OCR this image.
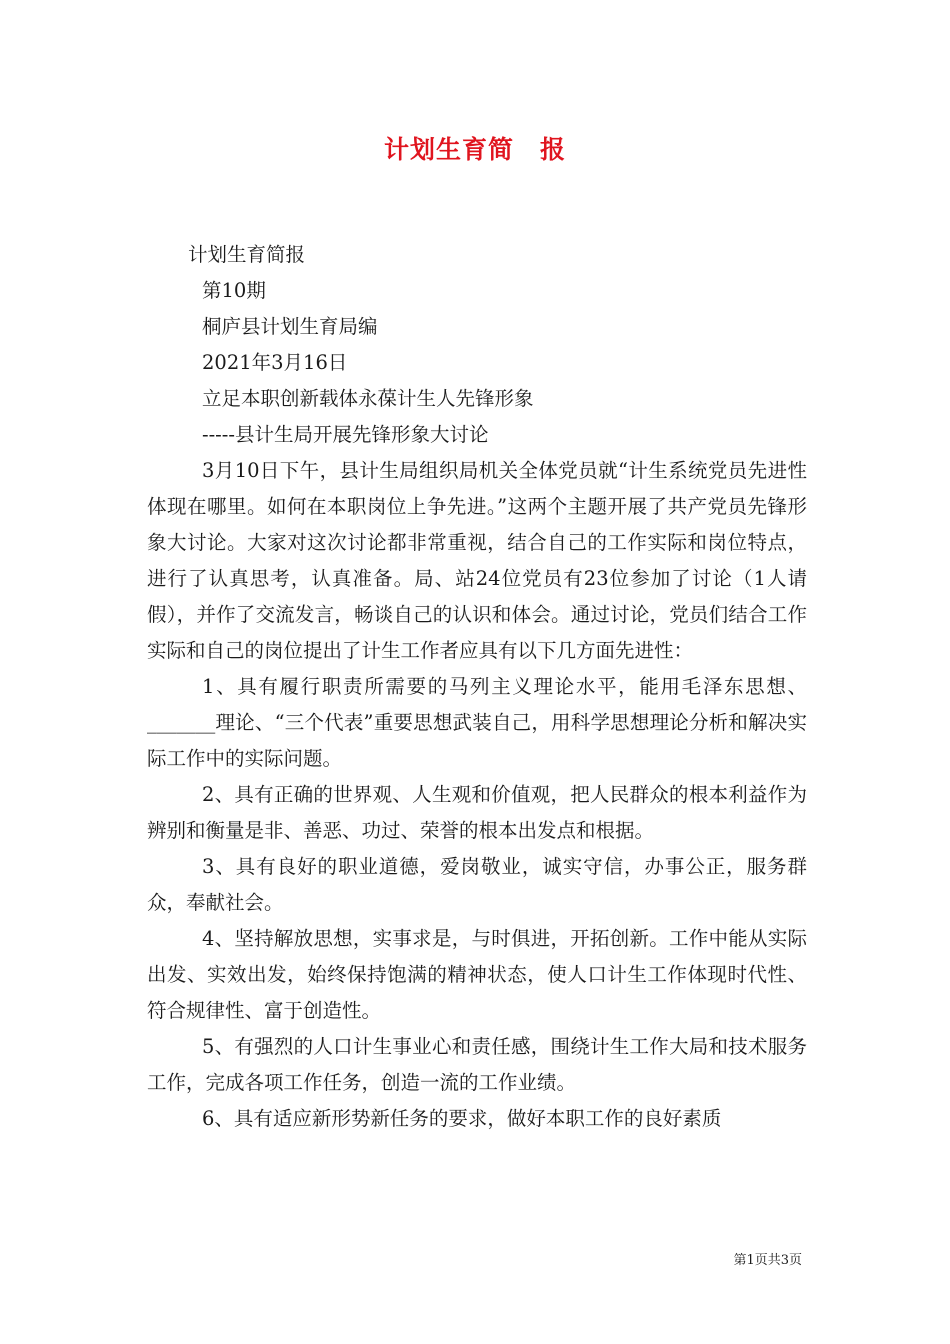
计划生育简　报
计划生育简报
第10期
桐庐县计划生育局编
2021年3月16日
立足本职创新载体永葆计生人先锋形象
-----县计生局开展先锋形象大讨论

3月10日下午，县计生局组织局机关全体党员就“计生系统党员先进性体现在哪里。如何在本职岗位上争先进。”这两个主题开展了共产党员先锋形象大讨论。大家对这次讨论都非常重视，结合自己的工作实际和岗位特点，进行了认真思考，认真准备。局、站24位党员有23位参加了讨论（1人请假），并作了交流发言，畅谈自己的认识和体会。通过讨论，党员们结合工作实际和自己的岗位提出了计生工作者应具有以下几方面先进性：

1、具有履行职责所需要的马列主义理论水平，能用毛泽东思想、_______理论、“三个代表”重要思想武装自己，用科学思想理论分析和解决实际工作中的实际问题。

2、具有正确的世界观、人生观和价值观，把人民群众的根本利益作为辨别和衡量是非、善恶、功过、荣誉的根本出发点和根据。

3、具有良好的职业道德，爱岗敬业，诚实守信，办事公正，服务群众，奉献社会。

4、坚持解放思想，实事求是，与时俱进，开拓创新。工作中能从实际出发、实效出发，始终保持饱满的精神状态，使人口计生工作体现时代性、符合规律性、富于创造性。

5、有强烈的人口计生事业心和责任感，围绕计生工作大局和技术服务工作，完成各项工作任务，创造一流的工作业绩。

6、具有适应新形势新任务的要求，做好本职工作的良好素质

第1页共3页
